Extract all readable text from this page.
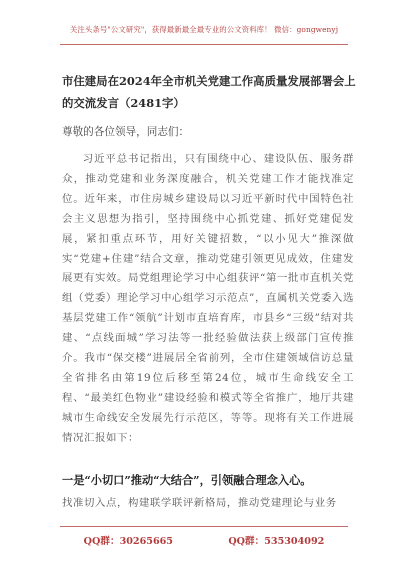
关注头条号"公文研究"，获得最新最全最专业的公文资料库！ 微信：gongwenyj
市住建局在2024年全市机关党建工作高质量发展部署会上的交流发言（2481字）
尊敬的各位领导，同志们：

习近平总书记指出，只有围绕中心、建设队伍、服务群众，推动党建和业务深度融合，机关党建工作才能找准定位。近年来，市住房城乡建设局以习近平新时代中国特色社会主义思想为指引，坚持围绕中心抓党建、抓好党建促发展，紧扣重点环节，用好关键招数，“以小见大”推深做实“党建+住建”结合文章，推动党建引领更见成效，住建发展更有实效。局党组理论学习中心组获评“第一批市直机关党组（党委）理论学习中心组学习示范点”，直属机关党委入选基层党建工作“领航”计划市直培育库，市县乡“三级”结对共建、“点线面城”学习法等一批经验做法获上级部门宣传推介。我市“保交楼”进展居全省前列，全市住建领域信访总量全省排名由第19位后移至第24位，城市生命线安全工程、“最美红色物业”建设经验和模式等全省推广，地厅共建城市生命线安全发展先行示范区，等等。现将有关工作进展情况汇报如下：

一是“小切口”推动“大结合”，引领融合理念入心。
找准切入点，构建联学联评新格局，推动党建理论与业务
QQ群：30265665	QQ群：535304092
